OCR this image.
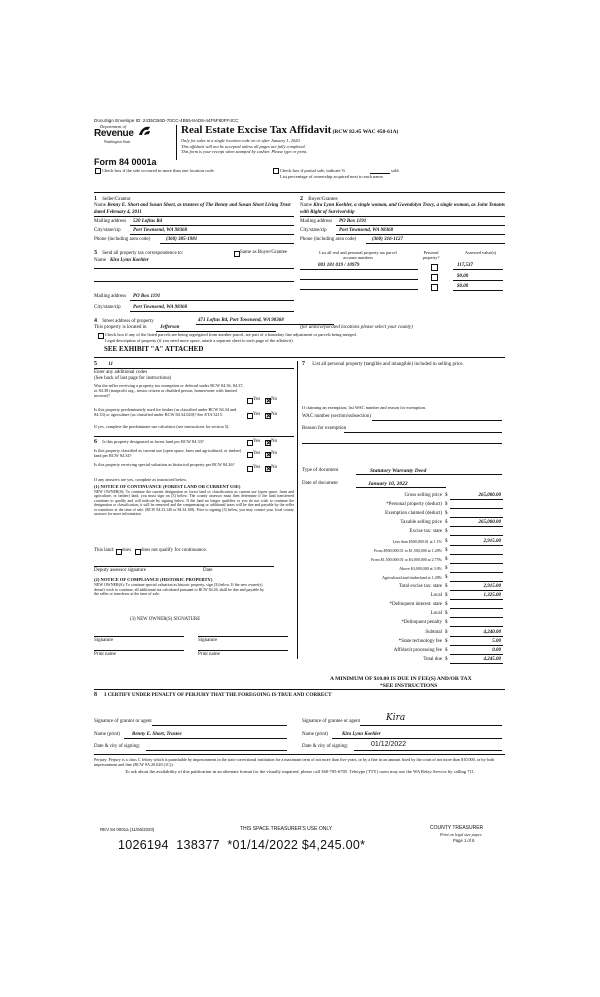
DocuSign Envelope ID: 2435CB6D-70CC-4B55-8AD8-44F5F80FF4CC
Department of
Revenue
Washington State
Real Estate Excise Tax Affidavit (RCW 82.45 WAC 458-61A)
Only for sales in a single location code on or after January 1, 2020.
This affidavit will not be accepted unless all pages are fully completed.
This form is your receipt when stamped by cashier. Please type or print.
Form 84 0001a
Check box if the sale occurred in more than one location code.	Check box if partial sale, indicate %	sold.
List percentage of ownership acquired next to each name.
1 Seller/Grantor
Name Benny E. Short and Susan Short, as trustees of The Benny and Susan Short Living Trust dated February 4, 2011
Mailing address 520 Loftus Rd
City/state/zip Port Townsend, WA 98368
Phone (including area code)	(360) 385-1981
2 Buyer/Grantee
Name Kira Lynn Koehler, a single woman, and Gwendolyn Tracy, a single woman, as Joint Tenants with Right of Survivorship
Mailing address PO Box 1191
City/state/zip Port Townsend, WA 98368
Phone (including area code)	(360) 316-1127
3 Send all property tax correspondence to:	Same as Buyer/Grantee
Name Kira Lynn Koehler
Mailing address PO Box 1191
City/state/zip Port Townsend, WA 98368
List all real and personal property tax parcel account numbers
Personal property?
Assessed value(s)
001 181 019 / 10979	117,537
$0.00
$0.00
4 Street address of property	471 Loftus Rd, Port Townsend, WA 98368
This property is located in	Jefferson	(for unincorporated locations please select your county)
Check box if any of the listed parcels are being segregated from another parcel, are part of a boundary line adjustment or parcels being merged.
Legal description of property (if you need more space, attach a separate sheet to each page of the affidavit).
SEE EXHIBIT "A" ATTACHED
5 11
Enter any additional codes
(See back of last page for instructions)
Was the seller receiving a property tax exemption or deferral under RCW 84.36, 84.37, or 84.38 (nonprofit org., senior citizen or disabled person, homeowner with limited income)?
Yes No
Is this property predominately used for timber (as classified under RCW 84.34 and 84.33) or agriculture (as classified under RCW 84.34.020)? See ETA 3215.	Yes No
If yes, complete the predominate use calculator (see instructions for section 5).
6 Is this property designated as forest land per RCW 84.33?	Yes No
Is this property classified as current use (open space, farm and agricultural, or timber) land per RCW 84.34?	Yes No
Is this property receiving special valuation as historical property per RCW 84.26?
Yes No
If any answers are yes, complete as instructed below.
(1) NOTICE OF CONTINUANCE (FOREST LAND OR CURRENT USE)
NEW OWNER(S): To continue the current designation as forest land or classification as current use (open space, farm and agriculture, or timber) land, you must sign on (3) below. The county assessor must then determine if the land transferred continues to qualify and will indicate by signing below. If the land no longer qualifies or you do not wish to continue the designation or classification, it will be removed and the compensating or additional taxes will be due and payable by the seller or transferor at the time of sale. (RCW 84.33.140 or 84.34.108). Prior to signing (3) below, you may contact your local county assessor for more information.
This land: does does not qualify for continuance.
Deputy assessor signature	Date
(2) NOTICE OF COMPLIANCE (HISTORIC PROPERTY)
NEW OWNER(S): To continue special valuation as historic property, sign (3) below. If the new owner(s) doesn't wish to continue, all additional tax calculated pursuant to RCW 84.26, shall be due and payable by the seller or transferor at the time of sale.
(3) NEW OWNER(S) SIGNATURE
Signature	Signature
Print name	Print name
7 List all personal property (tangible and intangible) included in selling price.
If claiming an exemption, list WAC number and reason for exemption.
WAC number (section/subsection)
Reason for exemption
Type of document	Statutory Warranty Deed
Date of document	January 10, 2022
Gross selling price $	265,000.00
*Personal property (deduct) $
Exemption claimed (deduct) $
Taxable selling price $	265,000.00
Excise tax: state $
Less than $500,000.01 at 1.1% $	2,915.00
From $500,000.01 to $1,500,000 at 1.28% $
From $1,500,000.01 to $3,000,000 at 2.75% $
Above $3,000,000 at 3.0% $
Agricultural and timberland at 1.28% $
Total excise tax: state $	2,915.00
Local $	1,325.00
*Delinquent interest: state $
Local $
*Delinquent penalty $
Subtotal $	4,240.00
*State technology fee $	5.00
Affidavit processing fee $	0.00
Total due $	4,245.00
A MINIMUM OF $10.00 IS DUE IN FEE(S) AND/OR TAX
*SEE INSTRUCTIONS
8 I CERTIFY UNDER PENALTY OF PERJURY THAT THE FOREGOING IS TRUE AND CORRECT
Signature of grantor or agent	Signature of grantee or agent	Kira
Name (print) Benny E. Short, Trustee	Name (print)	Kira Lynn Koehler
Date & city of signing:	Date & city of signing:	01/12/2022
Perjury: Perjury is a class C felony which is punishable by imprisonment in the state correctional institution for a maximum term of not more than five years, or by a fine in an amount fixed by the court of not more than $10,000, or by both imprisonment and fine (RCW 9A.20.020 (1C)).
To ask about the availability of this publication in an alternate format for the visually impaired, please call 360-705-6705. Teletype (TTY) users may use the WA Relay Service by calling 711.
REV 84 0001a (11/06/2020)	THIS SPACE TREASURER'S USE ONLY	COUNTY TREASURER
Print on legal size paper.
Page 1 of 6
1026194  138377  *01/14/2022 $4,245.00*
